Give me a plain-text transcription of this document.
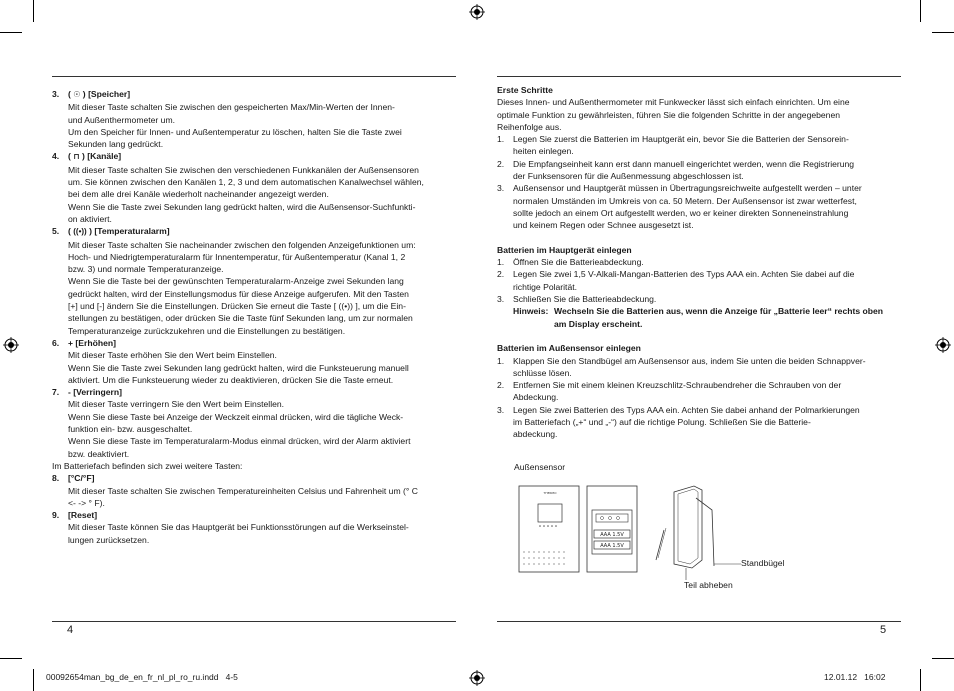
3.	( ☉ ) [Speicher]

Mit dieser Taste schalten Sie zwischen den gespeicherten Max/Min-Werten der Innen-

und Außenthermometer um.

Um den Speicher für Innen- und Außentemperatur zu löschen, halten Sie die Taste zwei

Sekunden lang gedrückt.

4.	( ⊓ ) [Kanäle]

Mit dieser Taste schalten Sie zwischen den verschiedenen Funkkanälen der Außensensoren

um. Sie können zwischen den Kanälen 1, 2, 3 und dem automatischen Kanalwechsel wählen,

bei dem alle drei Kanäle wiederholt nacheinander angezeigt werden.

Wenn Sie die Taste zwei Sekunden lang gedrückt halten, wird die Außensensor-Suchfunkti-

on aktiviert.

5.	( ((•)) ) [Temperaturalarm]

Mit dieser Taste schalten Sie nacheinander zwischen den folgenden Anzeigefunktionen um:

Hoch- und Niedrigtemperaturalarm für Innentemperatur, für Außentemperatur (Kanal 1, 2

bzw. 3) und normale Temperaturanzeige.

Wenn Sie die Taste bei der gewünschten Temperaturalarm-Anzeige zwei Sekunden lang

gedrückt halten, wird der Einstellungsmodus für diese Anzeige aufgerufen. Mit den Tasten

[+] und [-] ändern Sie die Einstellungen. Drücken Sie erneut die Taste [ ((•)) ], um die Ein-

stellungen zu bestätigen, oder drücken Sie die Taste fünf Sekunden lang, um zur normalen

Temperaturanzeige zurückzukehren und die Einstellungen zu bestätigen.

6.	+ [Erhöhen]

Mit dieser Taste erhöhen Sie den Wert beim Einstellen.

Wenn Sie die Taste zwei Sekunden lang gedrückt halten, wird die Funksteuerung manuell

aktiviert. Um die Funksteuerung wieder zu deaktivieren, drücken Sie die Taste erneut.

7.	- [Verringern]

Mit dieser Taste verringern Sie den Wert beim Einstellen.

Wenn Sie diese Taste bei Anzeige der Weckzeit einmal drücken, wird die tägliche Weck-

funktion ein- bzw. ausgeschaltet.

Wenn Sie diese Taste im Temperaturalarm-Modus einmal drücken, wird der Alarm aktiviert

bzw. deaktiviert.

Im Batteriefach befinden sich zwei weitere Tasten:

8.	[°C/°F]

Mit dieser Taste schalten Sie zwischen Temperatureinheiten Celsius und Fahrenheit um (° C

<- -> ° F).

9.	[Reset]

Mit dieser Taste können Sie das Hauptgerät bei Funktionsstörungen auf die Werkseinstel-

lungen zurücksetzen.

Erste Schritte

Dieses Innen- und Außenthermometer mit Funkwecker lässt sich einfach einrichten. Um eine

optimale Funktion zu gewährleisten, führen Sie die folgenden Schritte in der angegebenen

Reihenfolge aus.

1.	Legen Sie zuerst die Batterien im Hauptgerät ein, bevor Sie die Batterien der Sensorein-
heiten einlegen.
2.	Die Empfangseinheit kann erst dann manuell eingerichtet werden, wenn die Registrierung
der Funksensoren für die Außenmessung abgeschlossen ist.
3.	Außensensor und Hauptgerät müssen in Übertragungsreichweite aufgestellt werden – unter
normalen Umständen im Umkreis von ca. 50 Metern. Der Außensensor ist zwar wetterfest,
sollte jedoch an einem Ort aufgestellt werden, wo er keiner direkten Sonneneinstrahlung
und keinem Regen oder Schnee ausgesetzt ist.

Batterien im Hauptgerät einlegen

1.	Öffnen Sie die Batterieabdeckung.
2.	Legen Sie zwei 1,5 V-Alkali-Mangan-Batterien des Typs AAA ein. Achten Sie dabei auf die
richtige Polarität.
3.	Schließen Sie die Batterieabdeckung.
Hinweis: Wechseln Sie die Batterien aus, wenn die Anzeige für „Batterie leer“ rechts oben
am Display erscheint.

Batterien im Außensensor einlegen

1.	Klappen Sie den Standbügel am Außensensor aus, indem Sie unten die beiden Schnappver-
schlüsse lösen.
2.	Entfernen Sie mit einem kleinen Kreuzschlitz-Schraubendreher die Schrauben von der
Abdeckung.
3.	Legen Sie zwei Batterien des Typs AAA ein. Achten Sie dabei anhand der Polmarkierungen
im Batteriefach („+“ und „-“) auf die richtige Polung. Schließen Sie die Batterie-
abdeckung.
Außensensor
THERMO
AAA 1.5V
AAA 1.5V
Standbügel
Teil abheben
4	5
00092654man_bg_de_en_fr_nl_pl_ro_ru.indd   4-5	12.01.12   16:02
